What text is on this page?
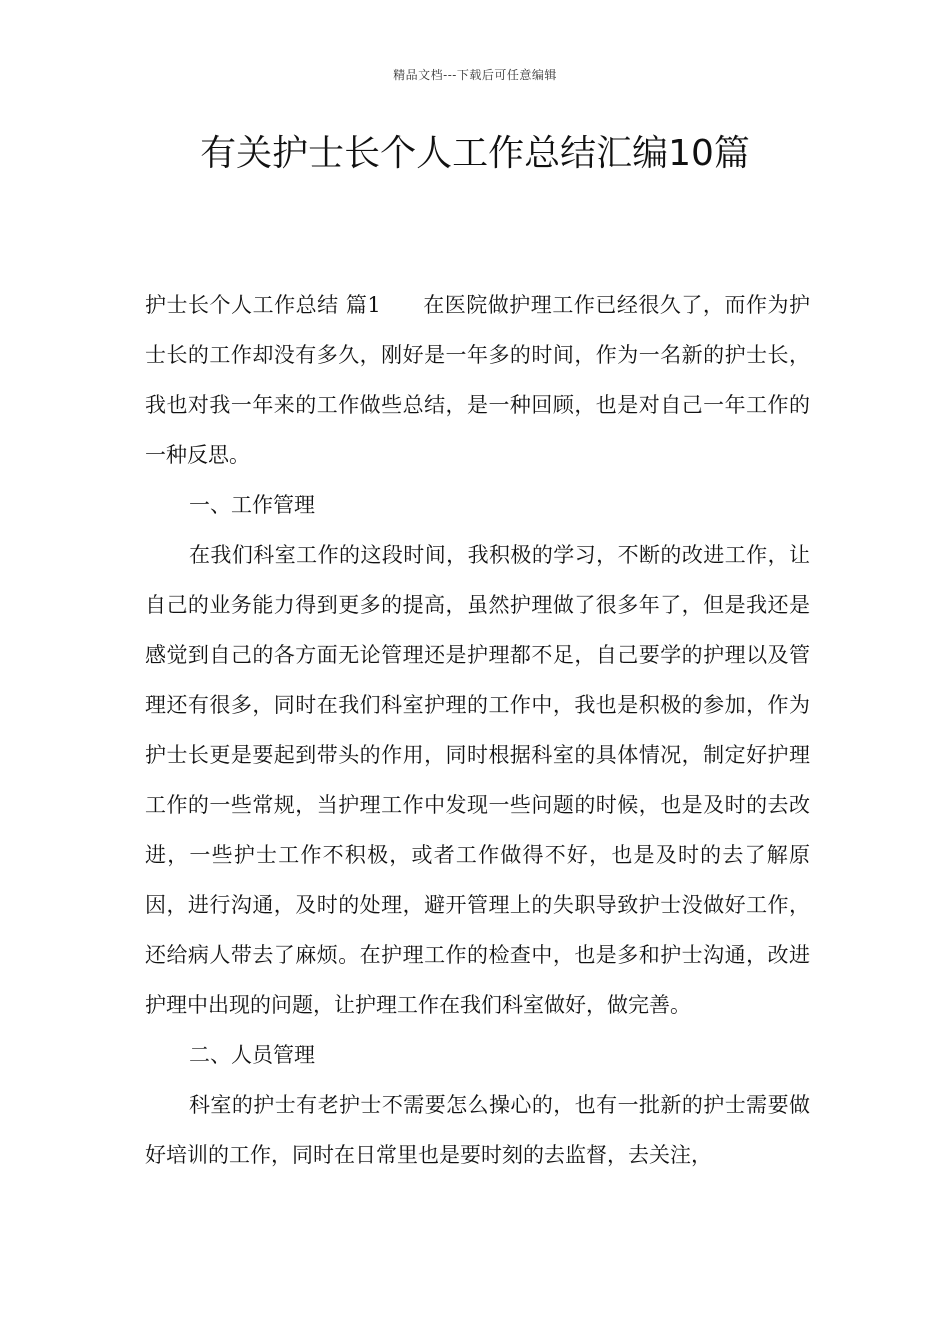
精品文档---下载后可任意编辑
有关护士长个人工作总结汇编10篇

护士长个人工作总结 篇1 在医院做护理工作已经很久了，而作为护士长的工作却没有多久，刚好是一年多的时间，作为一名新的护士长，我也对我一年来的工作做些总结，是一种回顾，也是对自己一年工作的一种反思。

一、工作管理

在我们科室工作的这段时间，我积极的学习，不断的改进工作，让自己的业务能力得到更多的提高，虽然护理做了很多年了，但是我还是感觉到自己的各方面无论管理还是护理都不足，自己要学的护理以及管理还有很多，同时在我们科室护理的工作中，我也是积极的参加，作为护士长更是要起到带头的作用，同时根据科室的具体情况，制定好护理工作的一些常规，当护理工作中发现一些问题的时候，也是及时的去改进，一些护士工作不积极，或者工作做得不好，也是及时的去了解原因，进行沟通，及时的处理，避开管理上的失职导致护士没做好工作，还给病人带去了麻烦。在护理工作的检查中，也是多和护士沟通，改进护理中出现的问题，让护理工作在我们科室做好，做完善。

二、人员管理

科室的护士有老护士不需要怎么操心的，也有一批新的护士需要做好培训的工作，同时在日常里也是要时刻的去监督，去关注，
